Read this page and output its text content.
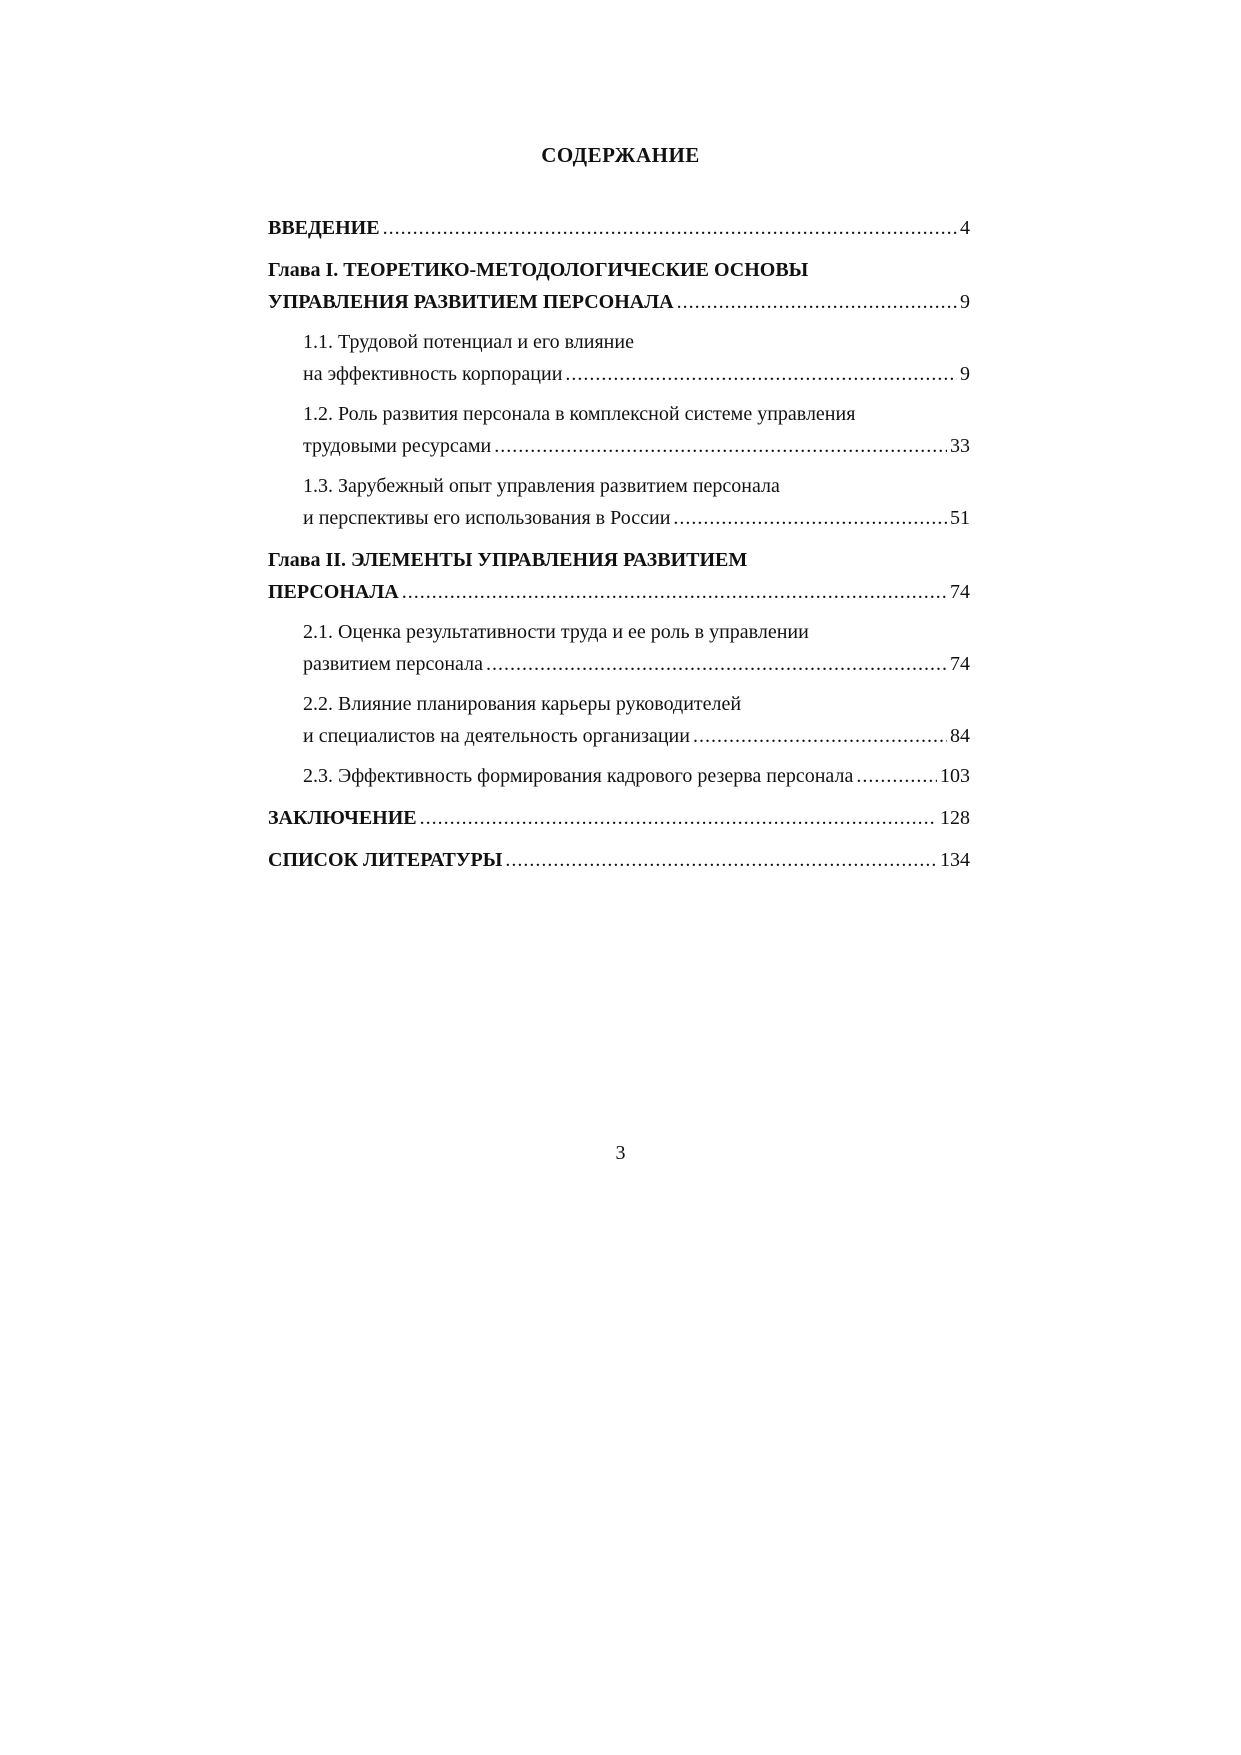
СОДЕРЖАНИЕ
ВВЕДЕНИЕ .....	4
Глава I. ТЕОРЕТИКО-МЕТОДОЛОГИЧЕСКИЕ ОСНОВЫ
УПРАВЛЕНИЯ РАЗВИТИЕМ ПЕРСОНАЛА .....	9
1.1. Трудовой потенциал и его влияние
на эффективность корпорации .....	9
1.2. Роль развития персонала в комплексной системе управления
трудовыми ресурсами .....	33
1.3. Зарубежный опыт управления развитием персонала
и перспективы его использования в России .....	51
Глава II. ЭЛЕМЕНТЫ УПРАВЛЕНИЯ РАЗВИТИЕМ
ПЕРСОНАЛА .....	74
2.1. Оценка результативности труда и ее роль в управлении
развитием персонала .....	74
2.2. Влияние планирования карьеры руководителей
и специалистов на деятельность организации .....	84
2.3. Эффективность формирования кадрового резерва персонала .....	103
ЗАКЛЮЧЕНИЕ .....	128
СПИСОК ЛИТЕРАТУРЫ .....	134
3
